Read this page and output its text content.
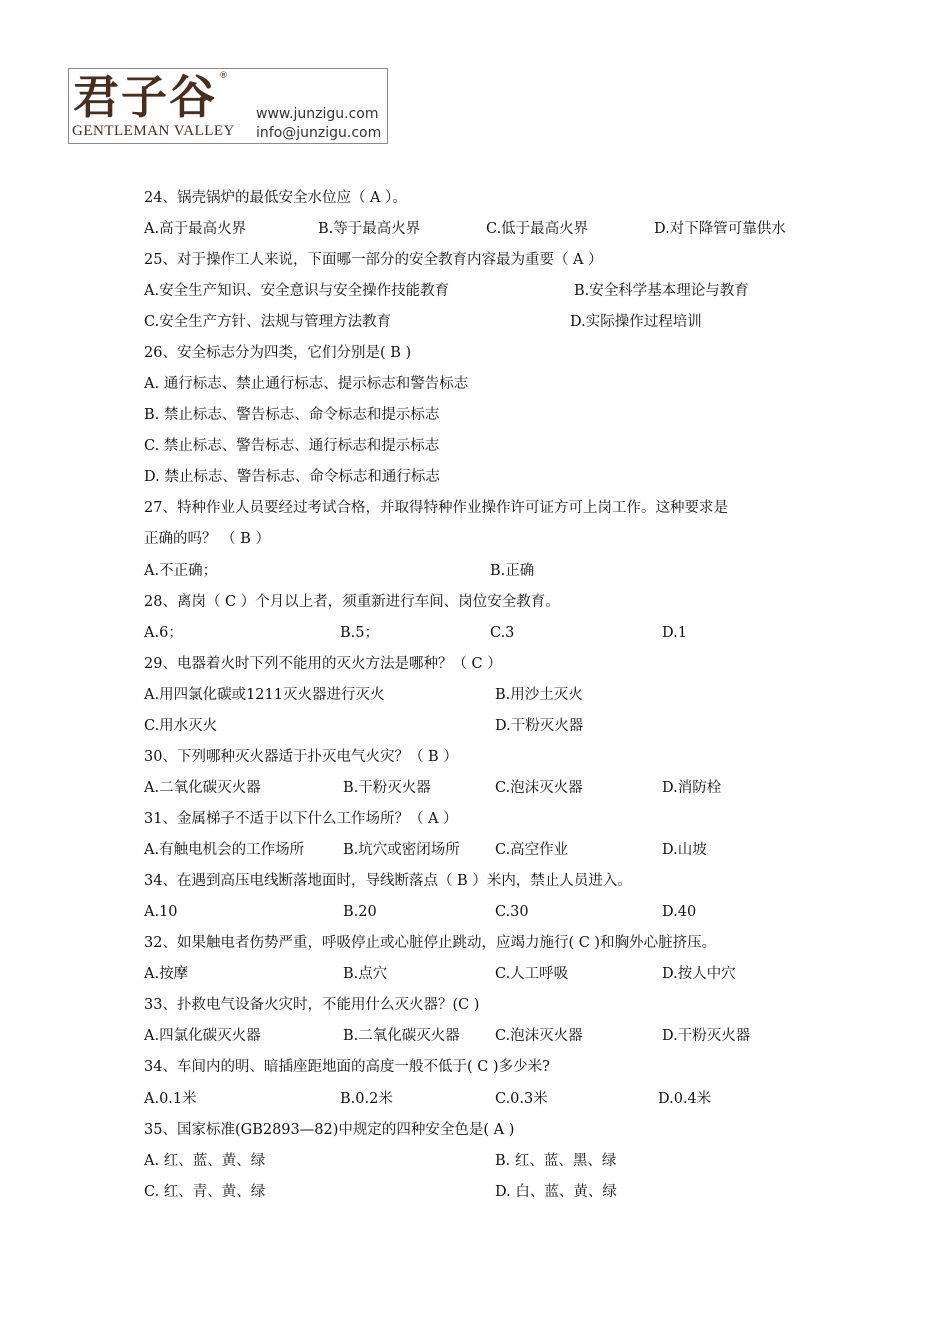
君子谷 ®
GENTLEMAN VALLEY
www.junzigu.com
info@junzigu.com
24、锅壳锅炉的最低安全水位应（ A ）。
A.高于最高火界	B.等于最高火界	C.低于最高火界	D.对下降管可靠供水
25、对于操作工人来说，下面哪一部分的安全教育内容最为重要（ A ）
A.安全生产知识、安全意识与安全操作技能教育	B.安全科学基本理论与教育
C.安全生产方针、法规与管理方法教育	D.实际操作过程培训
26、安全标志分为四类，它们分别是( B )
A. 通行标志、禁止通行标志、提示标志和警告标志
B. 禁止标志、警告标志、命令标志和提示标志
C. 禁止标志、警告标志、通行标志和提示标志
D. 禁止标志、警告标志、命令标志和通行标志
27、特种作业人员要经过考试合格，并取得特种作业操作许可证方可上岗工作。这种要求是
正确的吗？ （ B ）
A.不正确；	B.正确
28、离岗（ C ）个月以上者，须重新进行车间、岗位安全教育。
A.6；	B.5；	C.3	D.1
29、电器着火时下列不能用的灭火方法是哪种？（ C ）
A.用四氯化碳或1211灭火器进行灭火	B.用沙土灭火
C.用水灭火	D.干粉灭火器
30、下列哪种灭火器适于扑灭电气火灾？（ B ）
A.二氧化碳灭火器	B.干粉灭火器	C.泡沫灭火器	D.消防栓
31、金属梯子不适于以下什么工作场所？（ A ）
A.有触电机会的工作场所	B.坑穴或密闭场所 C.高空作业	D.山坡
34、在遇到高压电线断落地面时，导线断落点（ B ）米内，禁止人员进入。
A.10	B.20	C.30	D.40
32、如果触电者伤势严重，呼吸停止或心脏停止跳动，应竭力施行( C )和胸外心脏挤压。
A.按摩	B.点穴	C.人工呼吸	D.按人中穴
33、扑救电气设备火灾时，不能用什么灭火器？(C )
A.四氯化碳灭火器	B.二氧化碳灭火器 C.泡沫灭火器	D.干粉灭火器
34、车间内的明、暗插座距地面的高度一般不低于( C )多少米?
A.0.1米	B.0.2米	C.0.3米	D.0.4米
35、国家标准(GB2893—82)中规定的四种安全色是( A )
A. 红、蓝、黄、绿	B. 红、蓝、黑、绿
C. 红、青、黄、绿	D. 白、蓝、黄、绿
